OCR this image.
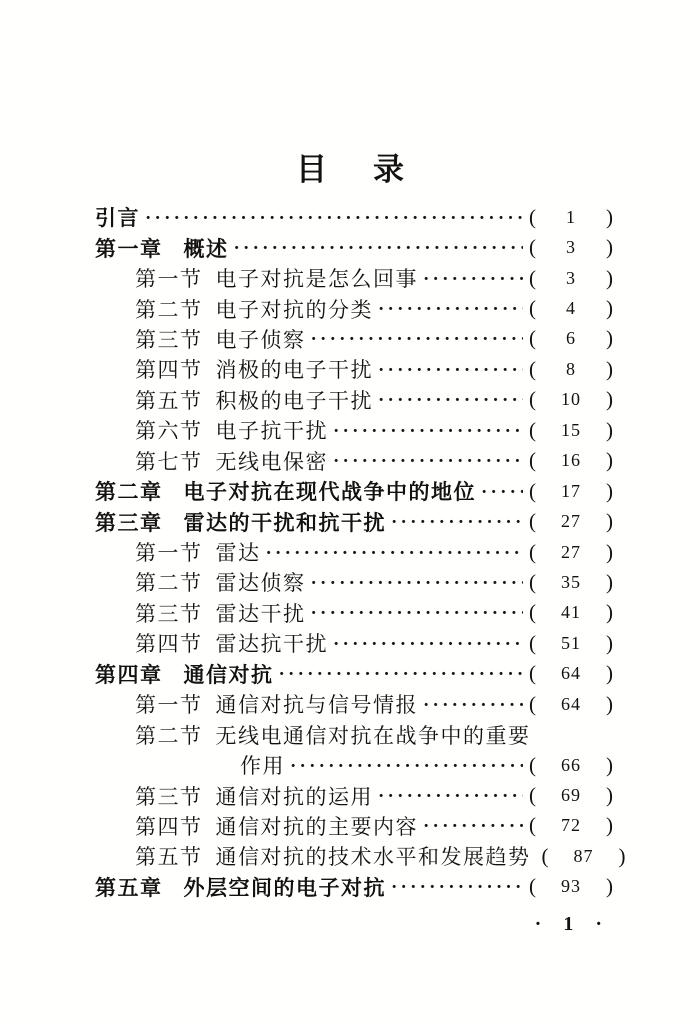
目录
引言 ·····	( 1 )
第一章 概述 ·····	( 3 )
第一节 电子对抗是怎么回事 ·····	( 3 )
第二节 电子对抗的分类 ·····	( 4 )
第三节 电子侦察 ·····	( 6 )
第四节 消极的电子干扰 ·····	( 8 )
第五节 积极的电子干扰 ·····	( 10 )
第六节 电子抗干扰 ·····	( 15 )
第七节 无线电保密 ·····	( 16 )
第二章 电子对抗在现代战争中的地位 ·····	( 17 )
第三章 雷达的干扰和抗干扰 ·····	( 27 )
第一节 雷达 ·····	( 27 )
第二节 雷达侦察 ·····	( 35 )
第三节 雷达干扰 ·····	( 41 )
第四节 雷达抗干扰 ·····	( 51 )
第四章 通信对抗 ·····	( 64 )
第一节 通信对抗与信号情报 ·····	( 64 )
第二节 无线电通信对抗在战争中的重要
作用 ·····	( 66 )
第三节 通信对抗的运用 ·····	( 69 )
第四节 通信对抗的主要内容 ·····	( 72 )
第五节 通信对抗的技术水平和发展趋势 ( 87 )
第五章 外层空间的电子对抗 ·····	( 93 )
· 1 ·
